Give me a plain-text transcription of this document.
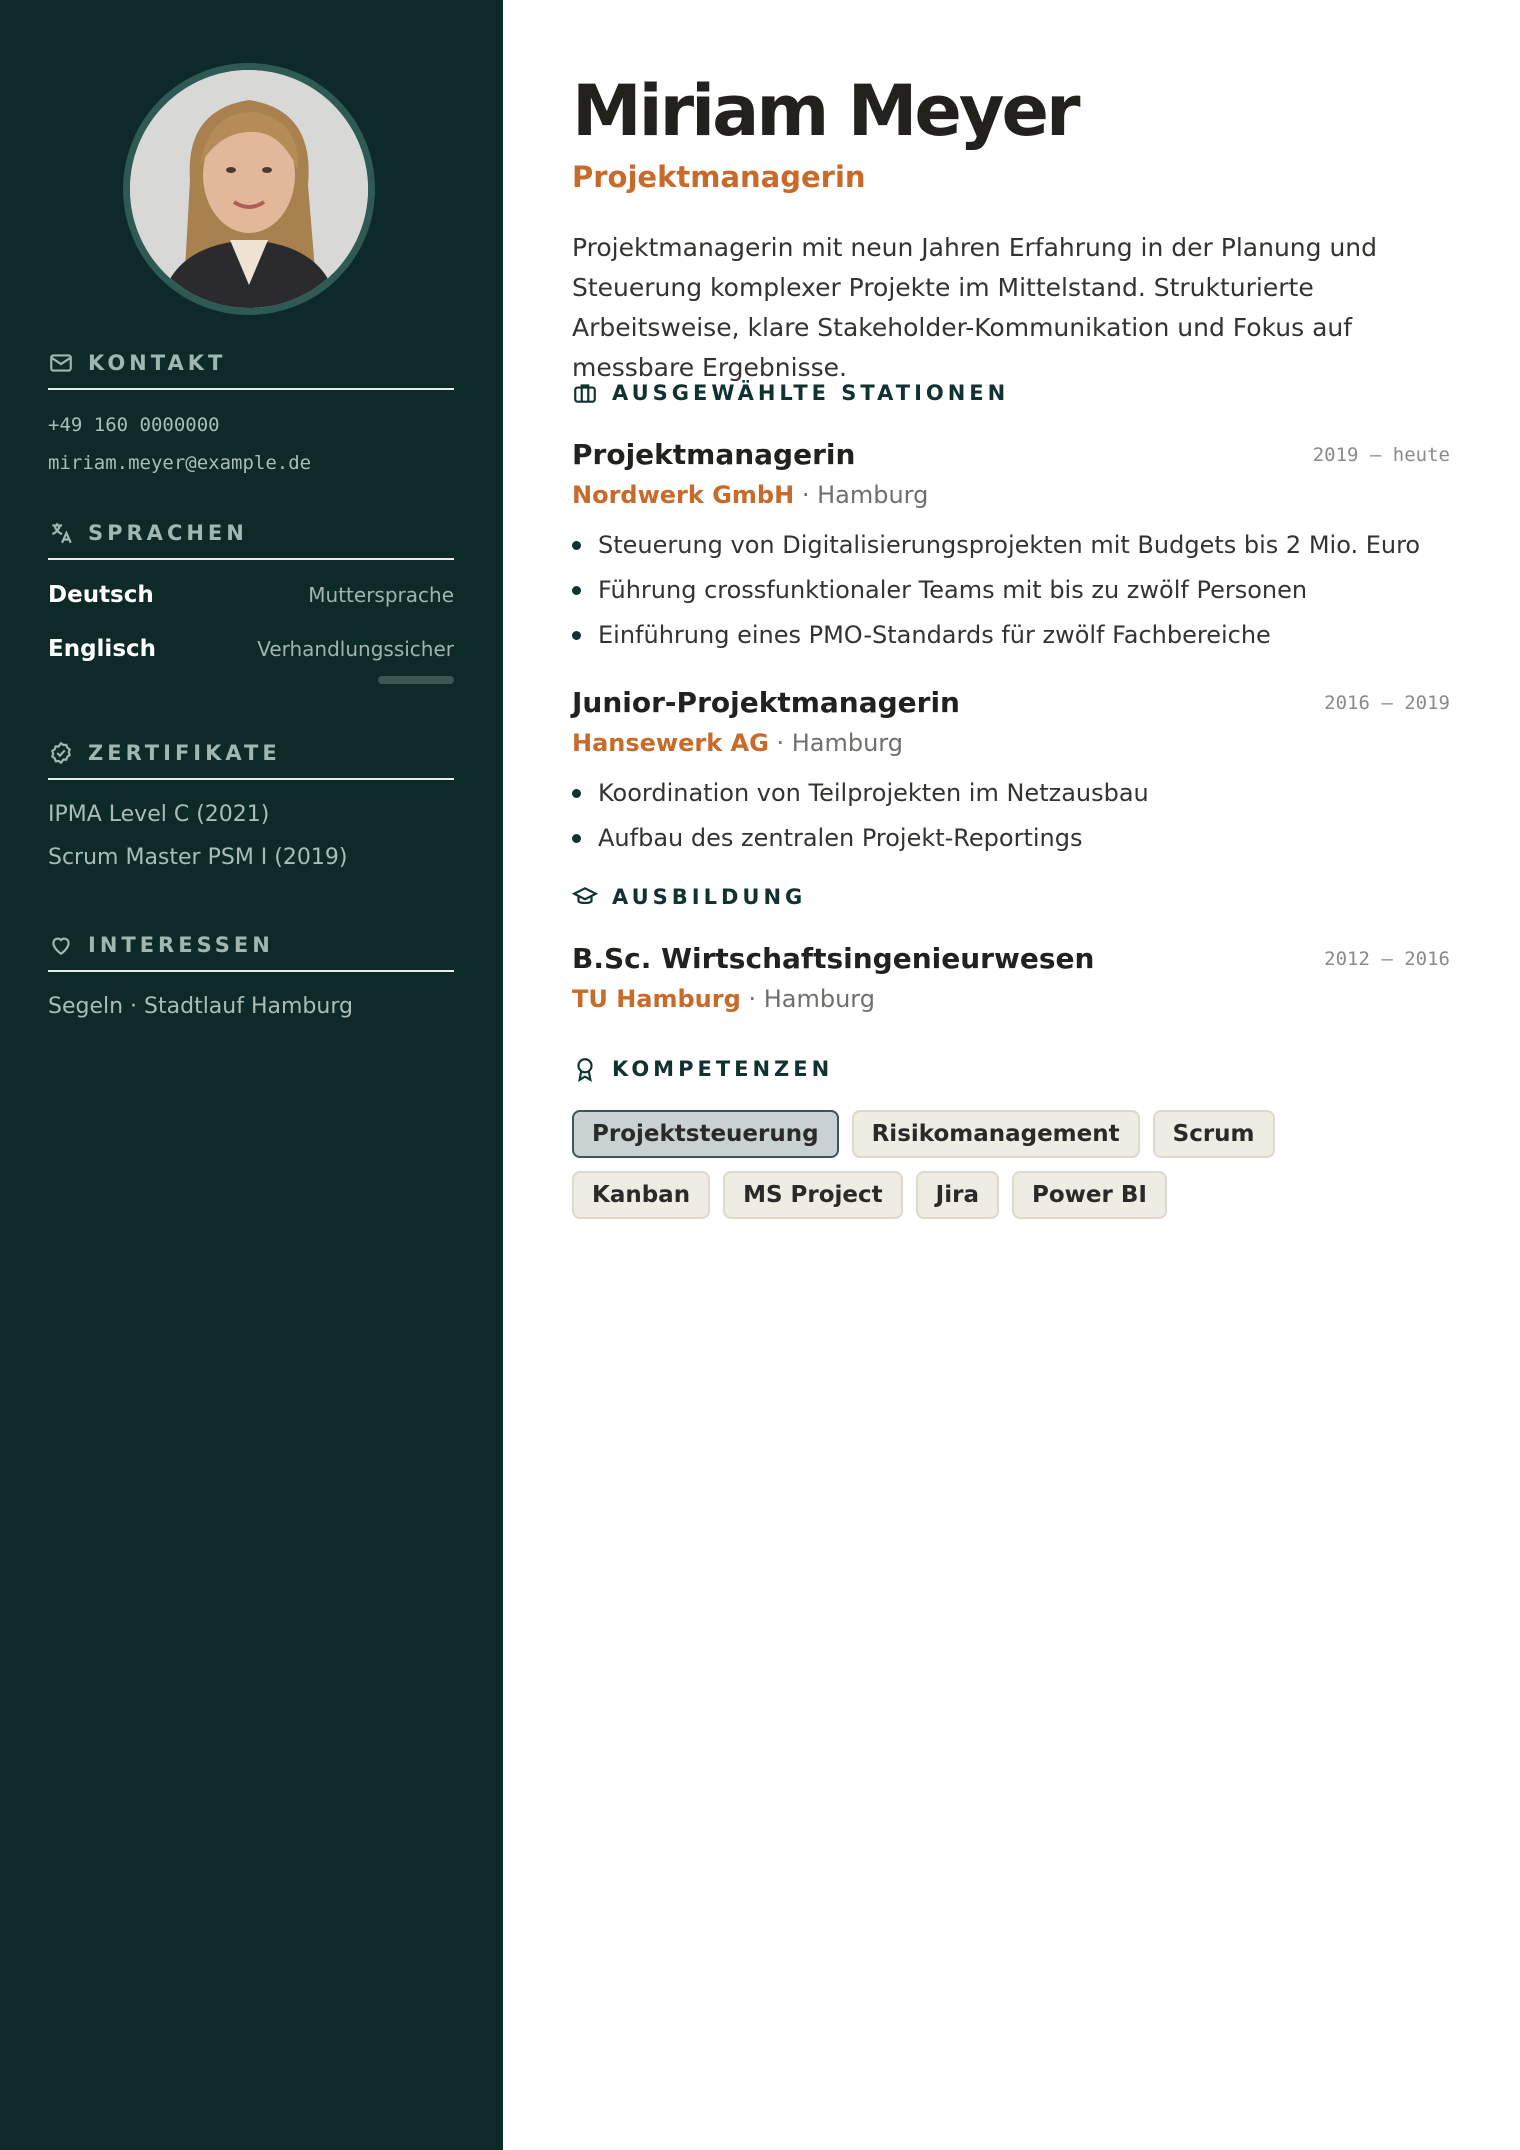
KONTAKT
+49 160 0000000
miriam.meyer@example.de
SPRACHEN
Deutsch	Muttersprache
Englisch	Verhandlungssicher
ZERTIFIKATE
IPMA Level C (2021)
Scrum Master PSM I (2019)
INTERESSEN
Segeln · Stadtlauf Hamburg
Miriam Meyer
Projektmanagerin

Projektmanagerin mit neun Jahren Erfahrung in der Planung und Steuerung komplexer Projekte im Mittelstand. Strukturierte Arbeitsweise, klare Stakeholder-Kommunikation und Fokus auf messbare Ergebnisse.

AUSGEWÄHLTE STATIONEN
Projektmanagerin	2019 – heute
Nordwerk GmbH · Hamburg
Steuerung von Digitalisierungsprojekten mit Budgets bis 2 Mio. Euro
Führung crossfunktionaler Teams mit bis zu zwölf Personen
Einführung eines PMO-Standards für zwölf Fachbereiche
Junior-Projektmanagerin	2016 – 2019
Hansewerk AG · Hamburg
Koordination von Teilprojekten im Netzausbau
Aufbau des zentralen Projekt-Reportings
AUSBILDUNG
B.Sc. Wirtschaftsingenieurwesen	2012 – 2016
TU Hamburg · Hamburg
KOMPETENZEN
Projektsteuerung	Risikomanagement	Scrum
Kanban	MS Project	Jira	Power BI
